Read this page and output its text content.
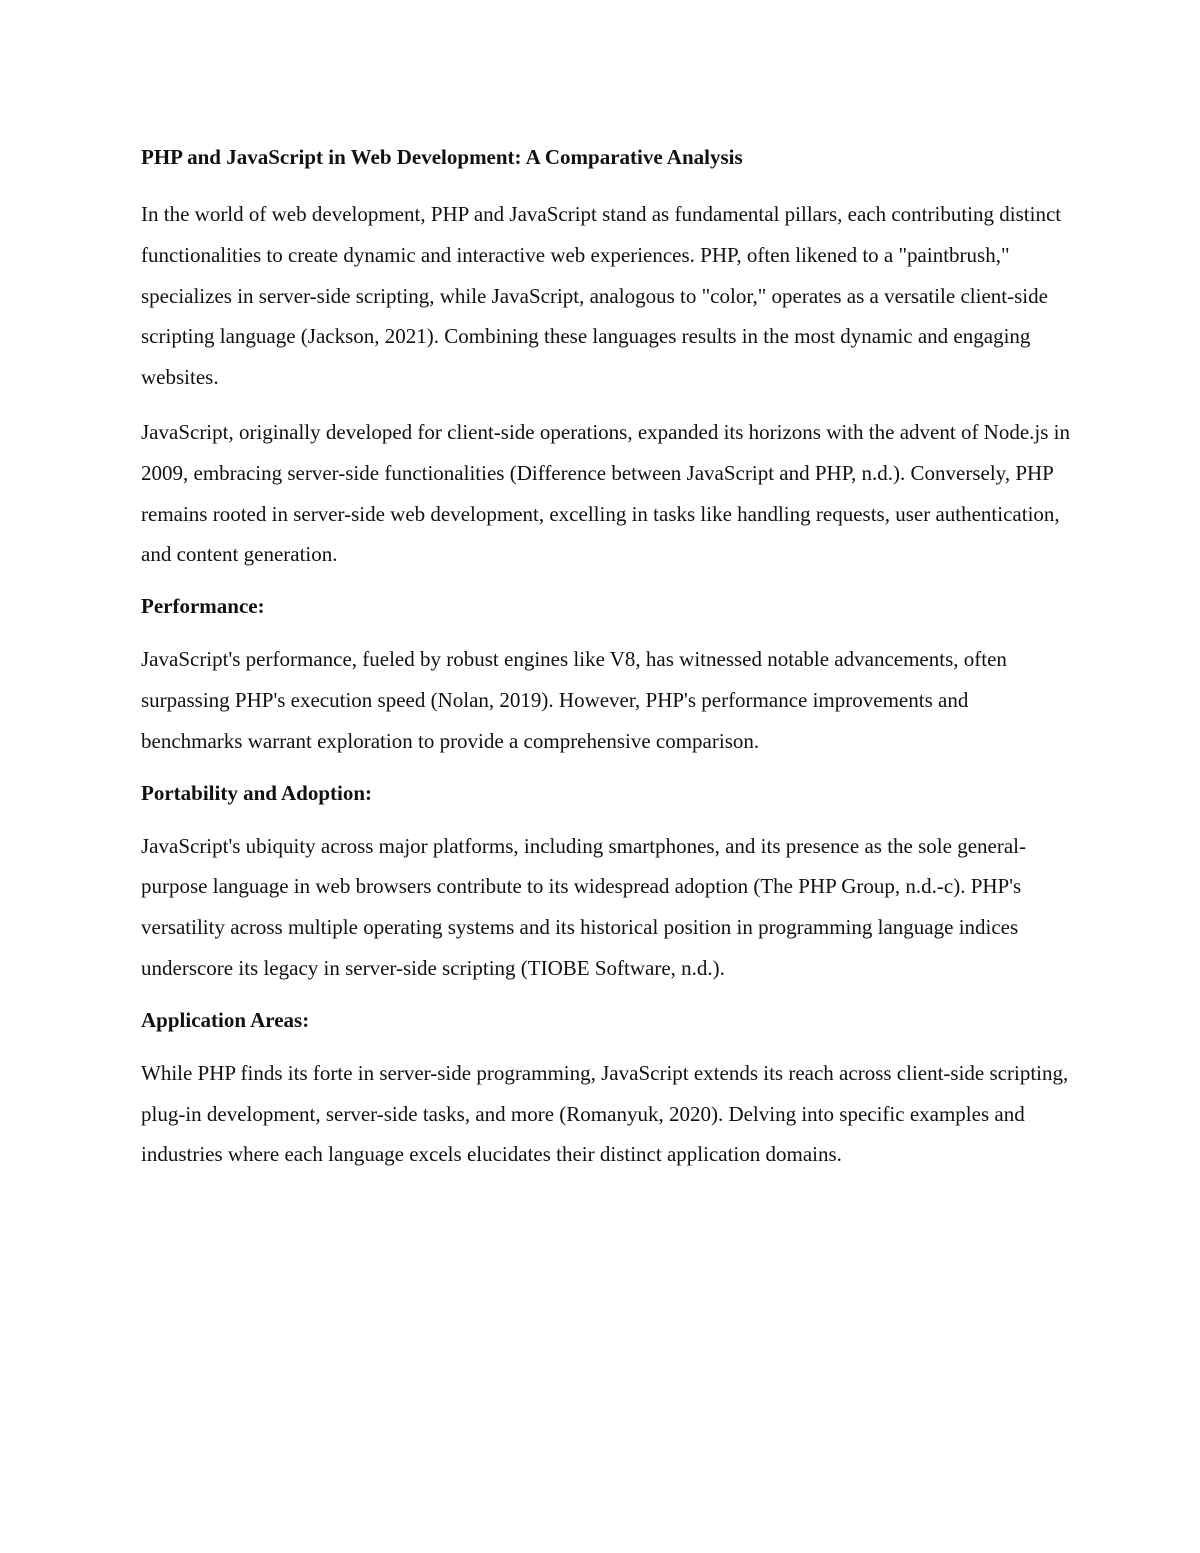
PHP and JavaScript in Web Development: A Comparative Analysis

In the world of web development, PHP and JavaScript stand as fundamental pillars, each contributing distinct functionalities to create dynamic and interactive web experiences. PHP, often likened to a "paintbrush," specializes in server-side scripting, while JavaScript, analogous to "color," operates as a versatile client-side scripting language (Jackson, 2021). Combining these languages results in the most dynamic and engaging websites.

JavaScript, originally developed for client-side operations, expanded its horizons with the advent of Node.js in 2009, embracing server-side functionalities (Difference between JavaScript and PHP, n.d.). Conversely, PHP remains rooted in server-side web development, excelling in tasks like handling requests, user authentication, and content generation.

Performance:

JavaScript's performance, fueled by robust engines like V8, has witnessed notable advancements, often surpassing PHP's execution speed (Nolan, 2019). However, PHP's performance improvements and benchmarks warrant exploration to provide a comprehensive comparison.

Portability and Adoption:

JavaScript's ubiquity across major platforms, including smartphones, and its presence as the sole general-purpose language in web browsers contribute to its widespread adoption (The PHP Group, n.d.-c). PHP's versatility across multiple operating systems and its historical position in programming language indices underscore its legacy in server-side scripting (TIOBE Software, n.d.).

Application Areas:

While PHP finds its forte in server-side programming, JavaScript extends its reach across client-side scripting, plug-in development, server-side tasks, and more (Romanyuk, 2020). Delving into specific examples and industries where each language excels elucidates their distinct application domains.
